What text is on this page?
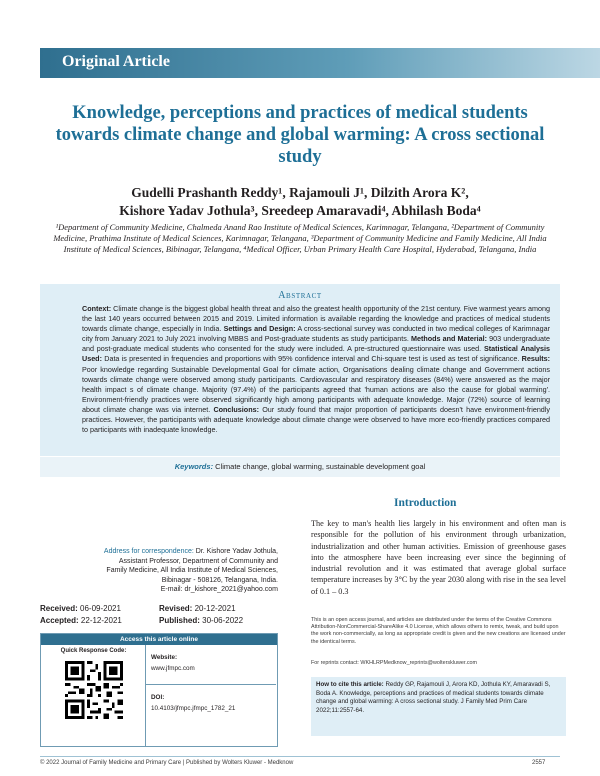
Original Article
Knowledge, perceptions and practices of medical students towards climate change and global warming: A cross sectional study
Gudelli Prashanth Reddy¹, Rajamouli J¹, Dilzith Arora K²,
Kishore Yadav Jothula³, Sreedeep Amaravadi⁴, Abhilash Boda⁴
¹Department of Community Medicine, Chalmeda Anand Rao Institute of Medical Sciences, Karimnagar, Telangana, ²Department of Community Medicine, Prathima Institute of Medical Sciences, Karimnagar, Telangana, ³Department of Community Medicine and Family Medicine, All India Institute of Medical Sciences, Bibinagar, Telangana, ⁴Medical Officer, Urban Primary Health Care Hospital, Hyderabad, Telangana, India
Abstract
Context: Climate change is the biggest global health threat and also the greatest health opportunity of the 21st century. Five warmest years among the last 140 years occurred between 2015 and 2019. Limited information is available regarding the knowledge and practices of medical students towards climate change, especially in India. Settings and Design: A cross-sectional survey was conducted in two medical colleges of Karimnagar city from January 2021 to July 2021 involving MBBS and Post-graduate students as study participants. Methods and Material: 903 undergraduate and post-graduate medical students who consented for the study were included. A pre-structured questionnaire was used. Statistical Analysis Used: Data is presented in frequencies and proportions with 95% confidence interval and Chi-square test is used as test of significance. Results: Poor knowledge regarding Sustainable Developmental Goal for climate action, Organisations dealing climate change and Government actions towards climate change were observed among study participants. Cardiovascular and respiratory diseases (84%) were answered as the major health impact s of climate change. Majority (97.4%) of the participants agreed that 'human actions are also the cause for global warming'. Environment-friendly practices were observed significantly high among participants with adequate knowledge. Major (72%) source of learning about climate change was via internet. Conclusions: Our study found that major proportion of participants doesn't have environment-friendly practices. However, the participants with adequate knowledge about climate change were observed to have more eco-friendly practices compared to participants with inadequate knowledge.
Keywords: Climate change, global warming, sustainable development goal
Introduction

The key to man's health lies largely in his environment and often man is responsible for the pollution of his environment through urbanization, industrialization and other human activities. Emission of greenhouse gases into the atmosphere have been increasing ever since the beginning of industrial revolution and it was estimated that average global surface temperature increases by 3°C by the year 2030 along with rise in the sea level of 0.1 – 0.3

Address for correspondence: Dr. Kishore Yadav Jothula,
Assistant Professor, Department of Community and
Family Medicine, All India Institute of Medical Sciences,
Bibinagar - 508126, Telangana, India.
E-mail: dr_kishore_2021@yahoo.com
Received: 06-09-2021	Revised: 20-12-2021
Accepted: 22-12-2021	Published: 30-06-2022
Access this article online
Quick Response Code:
Website:
www.jfmpc.com
DOI:
10.4103/jfmpc.jfmpc_1782_21

This is an open access journal, and articles are distributed under the terms of the Creative Commons Attribution-NonCommercial-ShareAlike 4.0 License, which allows others to remix, tweak, and build upon the work non-commercially, as long as appropriate credit is given and the new creations are licensed under the identical terms.

For reprints contact: WKHLRPMedknow_reprints@wolterskluwer.com

How to cite this article: Reddy GP, Rajamouli J, Arora KD, Jothula KY, Amaravadi S, Boda A. Knowledge, perceptions and practices of medical students towards climate change and global warming: A cross sectional study. J Family Med Prim Care 2022;11:2557-64.
© 2022 Journal of Family Medicine and Primary Care | Published by Wolters Kluwer - Medknow	2557
